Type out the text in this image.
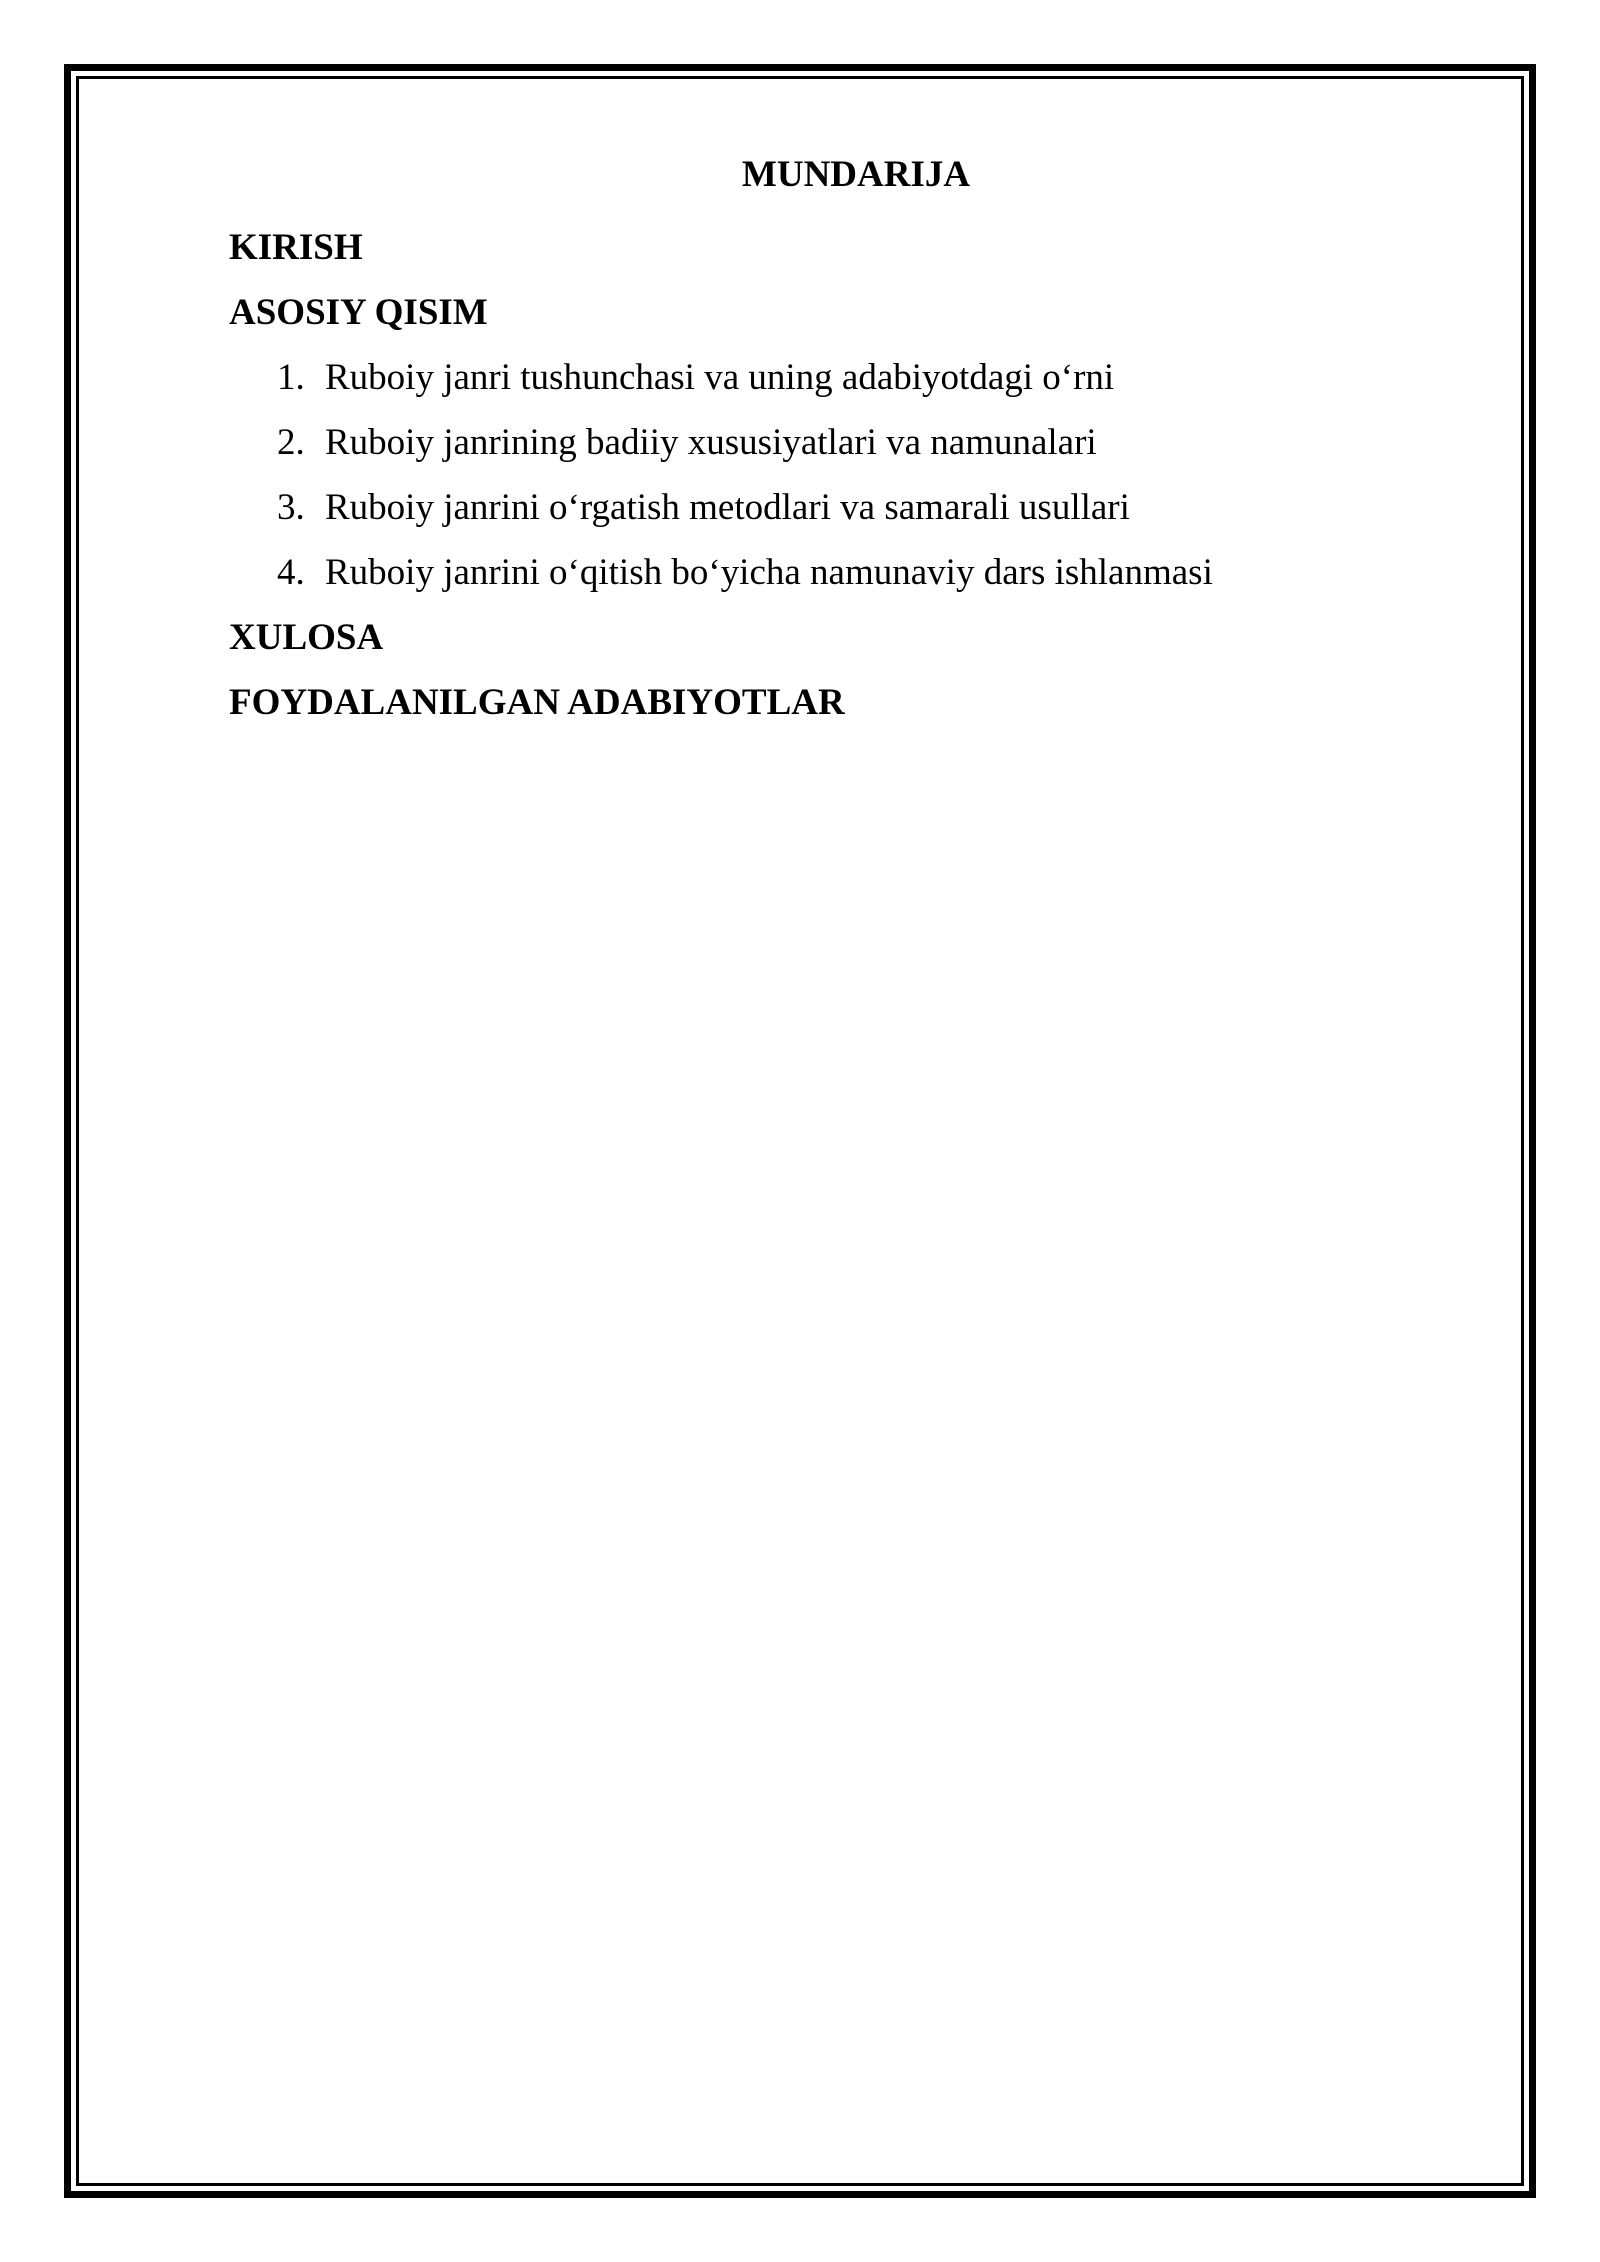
MUNDARIJA
KIRISH
ASOSIY QISIM
1. Ruboiy janri tushunchasi va uning adabiyotdagi o‘rni
2. Ruboiy janrining badiiy xususiyatlari va namunalari
3. Ruboiy janrini o‘rgatish metodlari va samarali usullari
4. Ruboiy janrini o‘qitish bo‘yicha namunaviy dars ishlanmasi
XULOSA
FOYDALANILGAN ADABIYOTLAR
